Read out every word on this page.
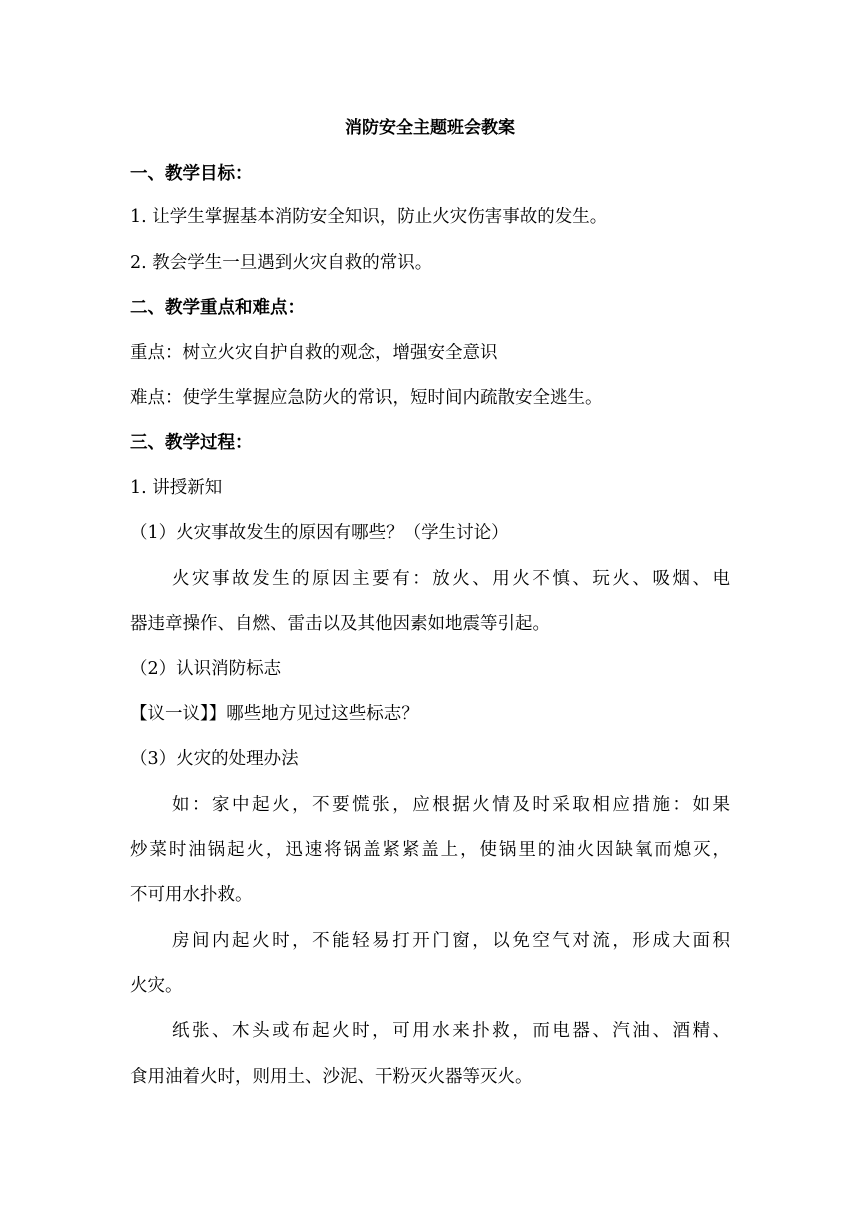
消防安全主题班会教案
一、教学目标：
1. 让学生掌握基本消防安全知识，防止火灾伤害事故的发生。
2. 教会学生一旦遇到火灾自救的常识。
二、教学重点和难点：
重点：树立火灾自护自救的观念，增强安全意识
难点：使学生掌握应急防火的常识，短时间内疏散安全逃生。
三、教学过程：
1. 讲授新知
（1）火灾事故发生的原因有哪些？（学生讨论）
火灾事故发生的原因主要有：放火、用火不慎、玩火、吸烟、电
器违章操作、自燃、雷击以及其他因素如地震等引起。
（2）认识消防标志
【议一议】】哪些地方见过这些标志？
（3）火灾的处理办法
如：家中起火，不要慌张，应根据火情及时采取相应措施：如果
炒菜时油锅起火，迅速将锅盖紧紧盖上，使锅里的油火因缺氧而熄灭，
不可用水扑救。
房间内起火时，不能轻易打开门窗，以免空气对流，形成大面积
火灾。
纸张、木头或布起火时，可用水来扑救，而电器、汽油、酒精、
食用油着火时，则用土、沙泥、干粉灭火器等灭火。
